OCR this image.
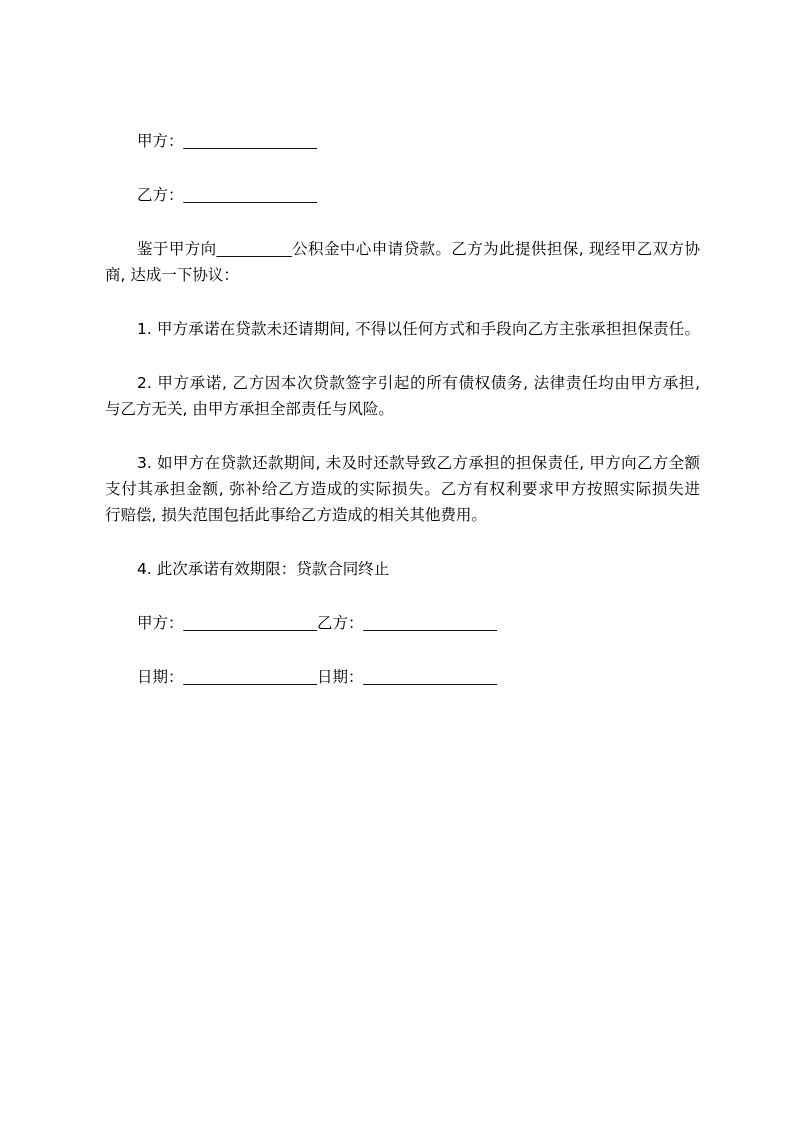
甲方：________________
乙方：________________
鉴于甲方向_________公积金中心申请贷款。乙方为此提供担保, 现经甲乙双方协
商, 达成一下协议：
1. 甲方承诺在贷款未还请期间, 不得以任何方式和手段向乙方主张承担担保责任。
2. 甲方承诺, 乙方因本次贷款签字引起的所有债权债务, 法律责任均由甲方承担,
与乙方无关, 由甲方承担全部责任与风险。
3. 如甲方在贷款还款期间, 未及时还款导致乙方承担的担保责任, 甲方向乙方全额
支付其承担金额, 弥补给乙方造成的实际损失。乙方有权利要求甲方按照实际损失进
行赔偿, 损失范围包括此事给乙方造成的相关其他费用。
4. 此次承诺有效期限：贷款合同终止
甲方：________________乙方：________________
日期：________________日期：________________
